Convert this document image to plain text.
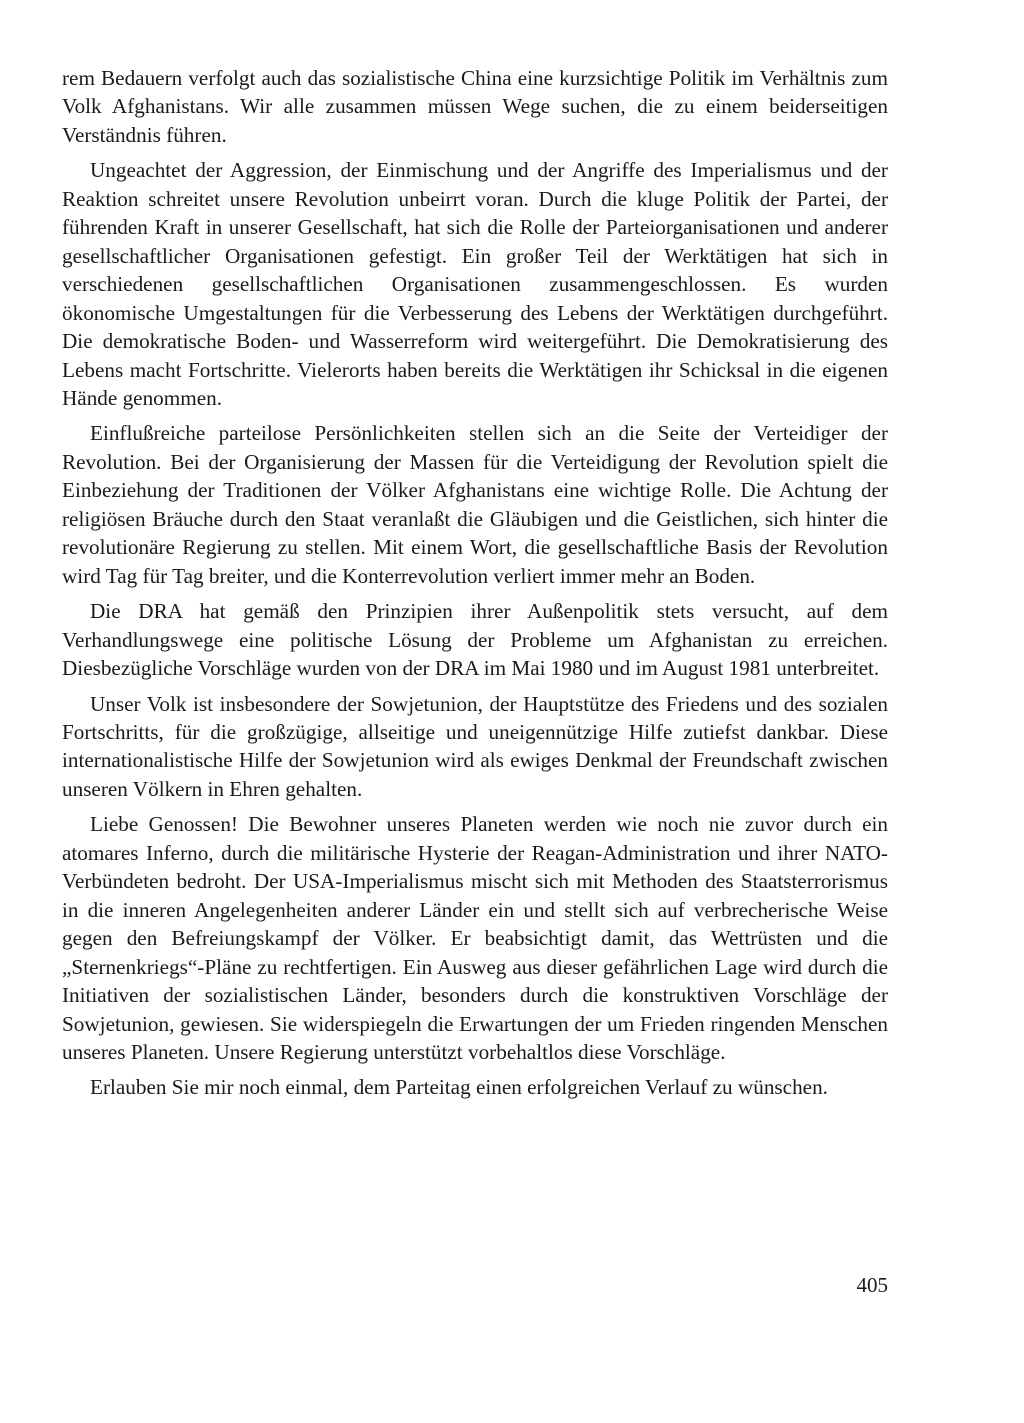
rem Bedauern verfolgt auch das sozialistische China eine kurzsichtige Politik im Verhältnis zum Volk Afghanistans. Wir alle zusammen müssen Wege suchen, die zu einem beiderseitigen Verständnis führen.

Ungeachtet der Aggression, der Einmischung und der Angriffe des Imperialismus und der Reaktion schreitet unsere Revolution unbeirrt voran. Durch die kluge Politik der Partei, der führenden Kraft in unserer Gesellschaft, hat sich die Rolle der Parteiorganisationen und anderer gesellschaftlicher Organisationen gefestigt. Ein großer Teil der Werktätigen hat sich in verschiedenen gesellschaftlichen Organisationen zusammengeschlossen. Es wurden ökonomische Umgestaltungen für die Verbesserung des Lebens der Werktätigen durchgeführt. Die demokratische Boden- und Wasserreform wird weitergeführt. Die Demokratisierung des Lebens macht Fortschritte. Vielerorts haben bereits die Werktätigen ihr Schicksal in die eigenen Hände genommen.

Einflußreiche parteilose Persönlichkeiten stellen sich an die Seite der Verteidiger der Revolution. Bei der Organisierung der Massen für die Verteidigung der Revolution spielt die Einbeziehung der Traditionen der Völker Afghanistans eine wichtige Rolle. Die Achtung der religiösen Bräuche durch den Staat veranlaßt die Gläubigen und die Geistlichen, sich hinter die revolutionäre Regierung zu stellen. Mit einem Wort, die gesellschaftliche Basis der Revolution wird Tag für Tag breiter, und die Konterrevolution verliert immer mehr an Boden.

Die DRA hat gemäß den Prinzipien ihrer Außenpolitik stets versucht, auf dem Verhandlungswege eine politische Lösung der Probleme um Afghanistan zu erreichen. Diesbezügliche Vorschläge wurden von der DRA im Mai 1980 und im August 1981 unterbreitet.

Unser Volk ist insbesondere der Sowjetunion, der Hauptstütze des Friedens und des sozialen Fortschritts, für die großzügige, allseitige und uneigennützige Hilfe zutiefst dankbar. Diese internationalistische Hilfe der Sowjetunion wird als ewiges Denkmal der Freundschaft zwischen unseren Völkern in Ehren gehalten.

Liebe Genossen! Die Bewohner unseres Planeten werden wie noch nie zuvor durch ein atomares Inferno, durch die militärische Hysterie der Reagan-Administration und ihrer NATO-Verbündeten bedroht. Der USA-Imperialismus mischt sich mit Methoden des Staatsterrorismus in die inneren Angelegenheiten anderer Länder ein und stellt sich auf verbrecherische Weise gegen den Befreiungskampf der Völker. Er beabsichtigt damit, das Wettrüsten und die „Sternenkriegs“-Pläne zu rechtfertigen. Ein Ausweg aus dieser gefährlichen Lage wird durch die Initiativen der sozialistischen Länder, besonders durch die konstruktiven Vorschläge der Sowjetunion, gewiesen. Sie widerspiegeln die Erwartungen der um Frieden ringenden Menschen unseres Planeten. Unsere Regierung unterstützt vorbehaltlos diese Vorschläge.

Erlauben Sie mir noch einmal, dem Parteitag einen erfolgreichen Verlauf zu wünschen.

405
